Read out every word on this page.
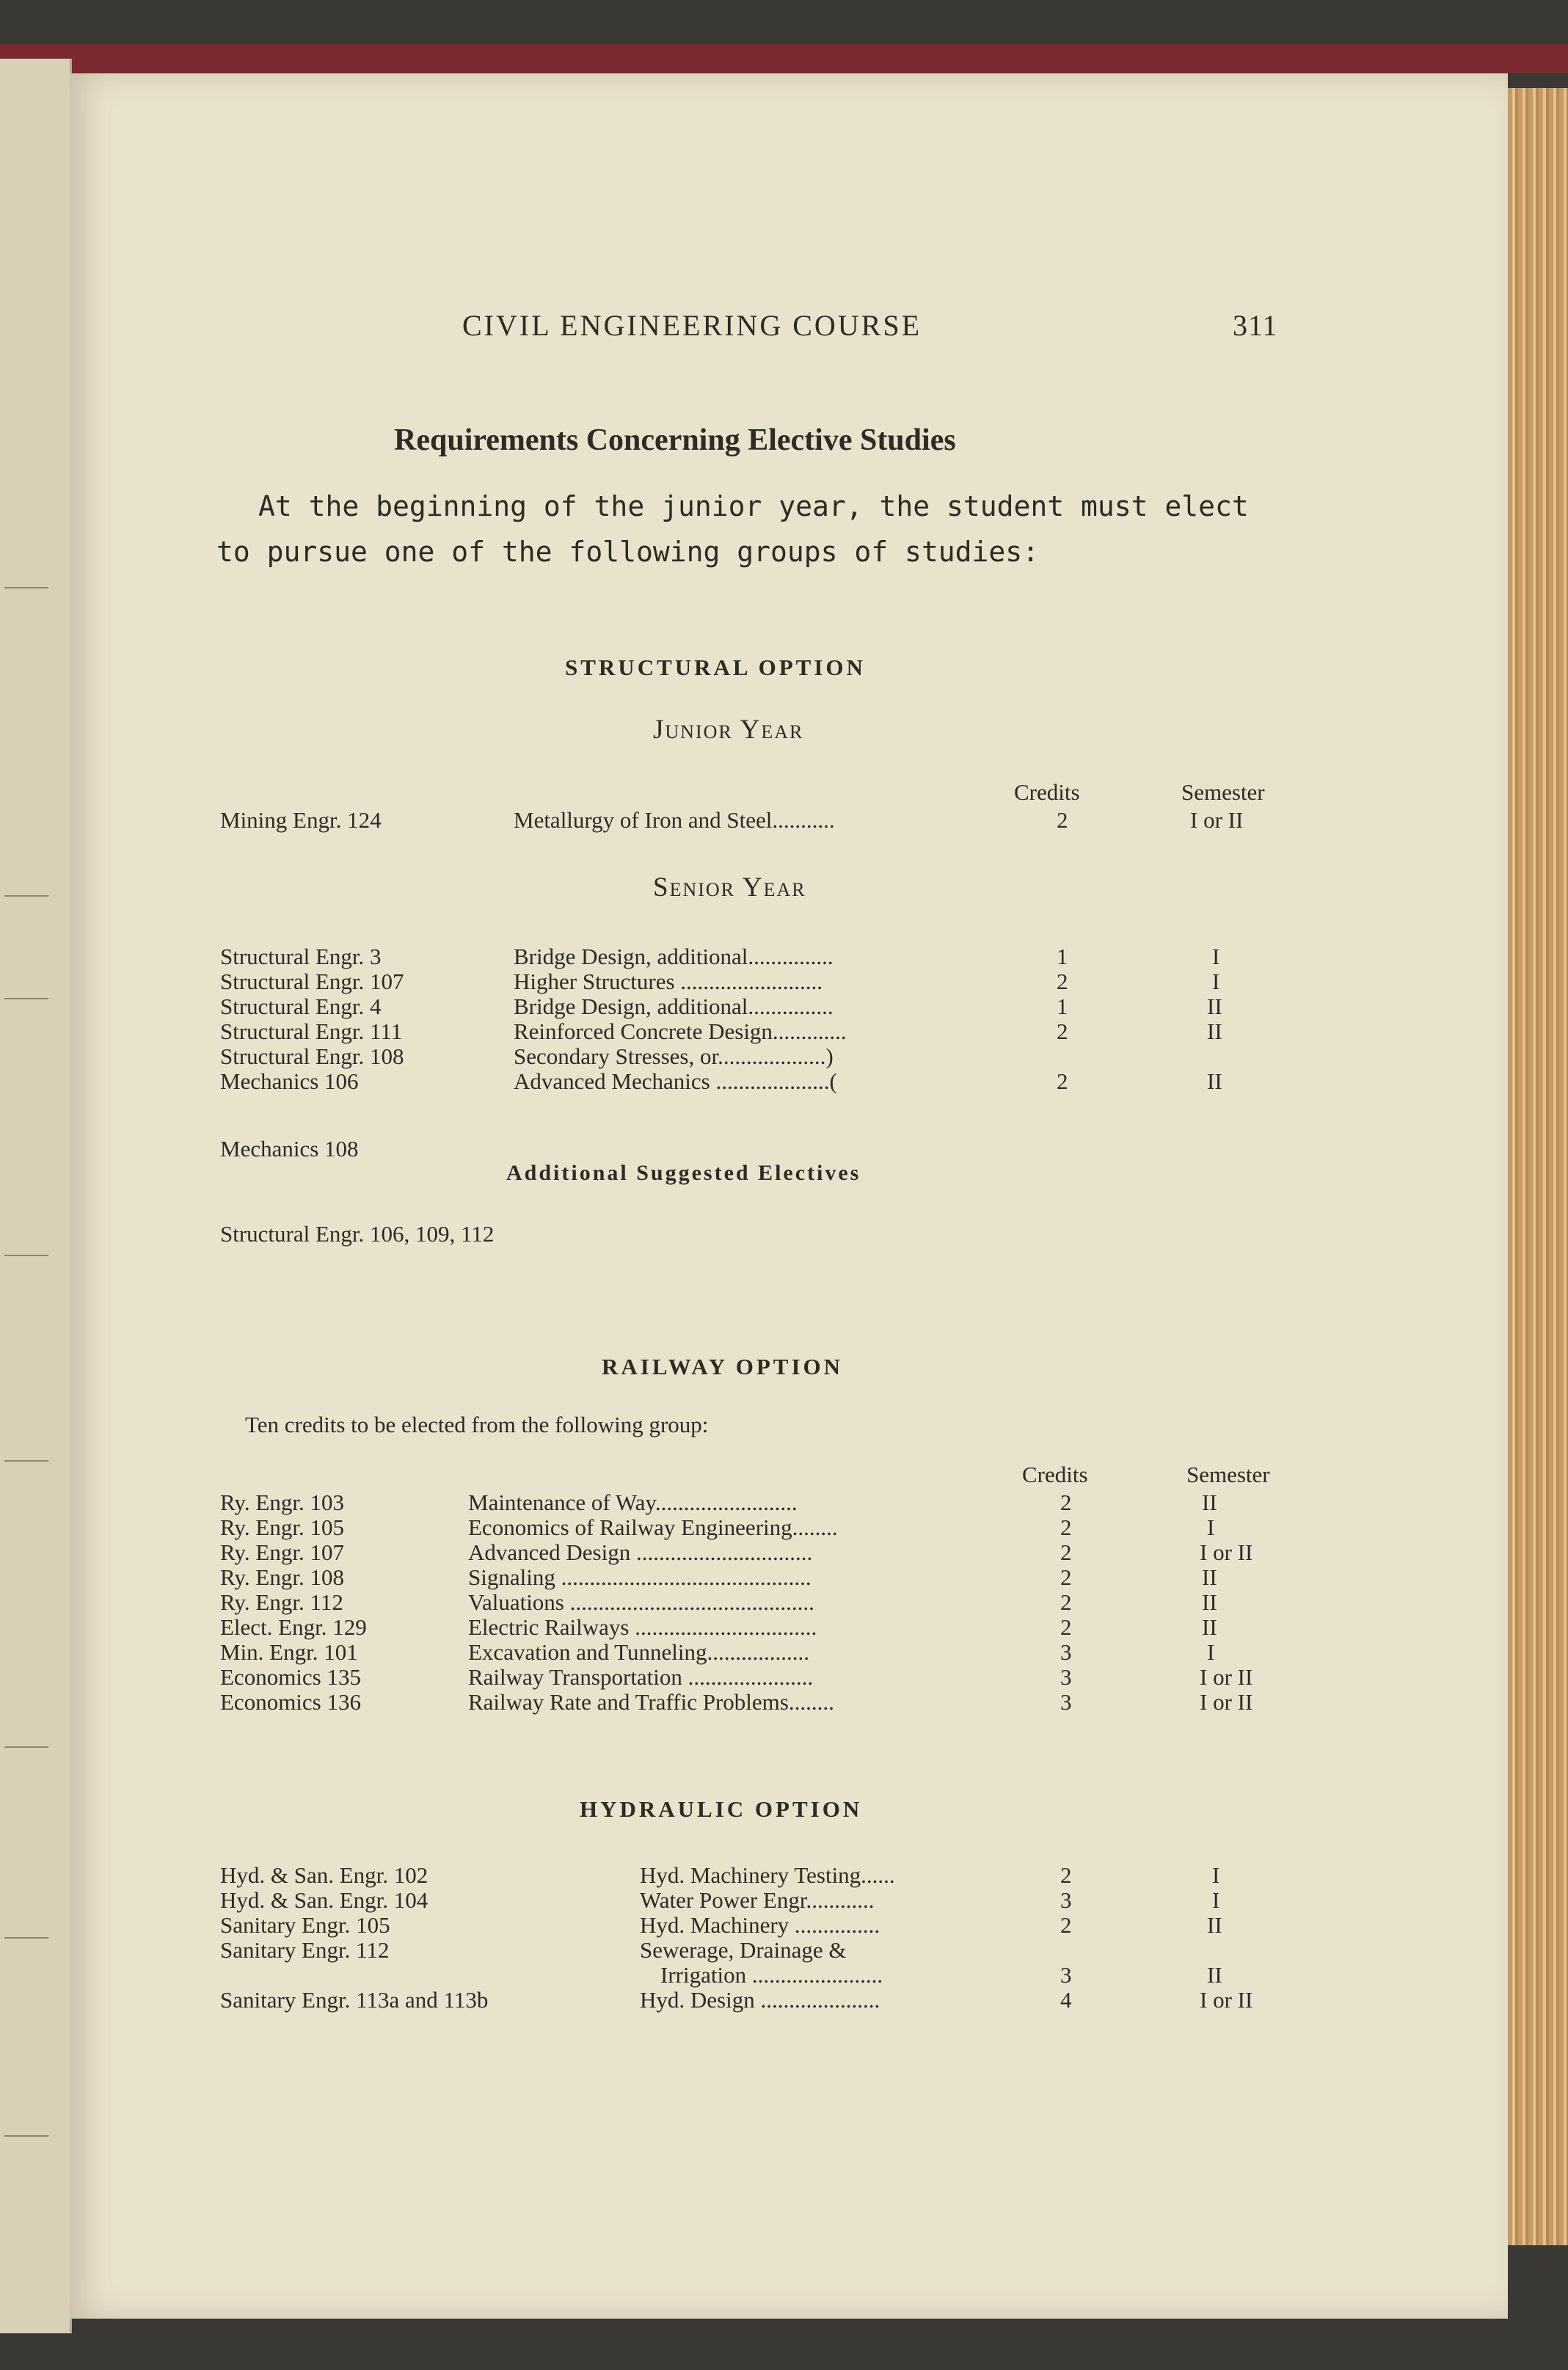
CIVIL ENGINEERING COURSE	311
Requirements Concerning Elective Studies
At the beginning of the junior year, the student must elect
to pursue one of the following groups of studies:
STRUCTURAL OPTION
Junior Year
Credits	Semester
Mining Engr. 124	Metallurgy of Iron and Steel...........	2	I or II
Senior Year
Structural Engr. 3	Bridge Design, additional...............	1	I
Structural Engr. 107	Higher Structures .........................	2	I
Structural Engr. 4	Bridge Design, additional...............	1	II
Structural Engr. 111	Reinforced Concrete Design.............	2	II
Structural Engr. 108	Secondary Stresses, or...................)
Mechanics 106	Advanced Mechanics ....................(	2	II
Mechanics 108
Additional Suggested Electives
Structural Engr. 106, 109, 112
RAILWAY OPTION
Ten credits to be elected from the following group:
Credits	Semester
Ry. Engr. 103	Maintenance of Way.........................	2	II
Ry. Engr. 105	Economics of Railway Engineering........	2	I
Ry. Engr. 107	Advanced Design ...............................	2	I or II
Ry. Engr. 108	Signaling ............................................	2	II
Ry. Engr. 112	Valuations ...........................................	2	II
Elect. Engr. 129	Electric Railways ................................	2	II
Min. Engr. 101	Excavation and Tunneling..................	3	I
Economics 135	Railway Transportation ......................	3	I or II
Economics 136	Railway Rate and Traffic Problems........	3	I or II
HYDRAULIC OPTION
Hyd. & San. Engr. 102	Hyd. Machinery Testing......	2	I
Hyd. & San. Engr. 104	Water Power Engr............	3	I
Sanitary Engr. 105	Hyd. Machinery ...............	2	II
Sanitary Engr. 112	Sewerage, Drainage &
Irrigation .......................	3	II
Sanitary Engr. 113a and 113b	Hyd. Design .....................	4	I or II
